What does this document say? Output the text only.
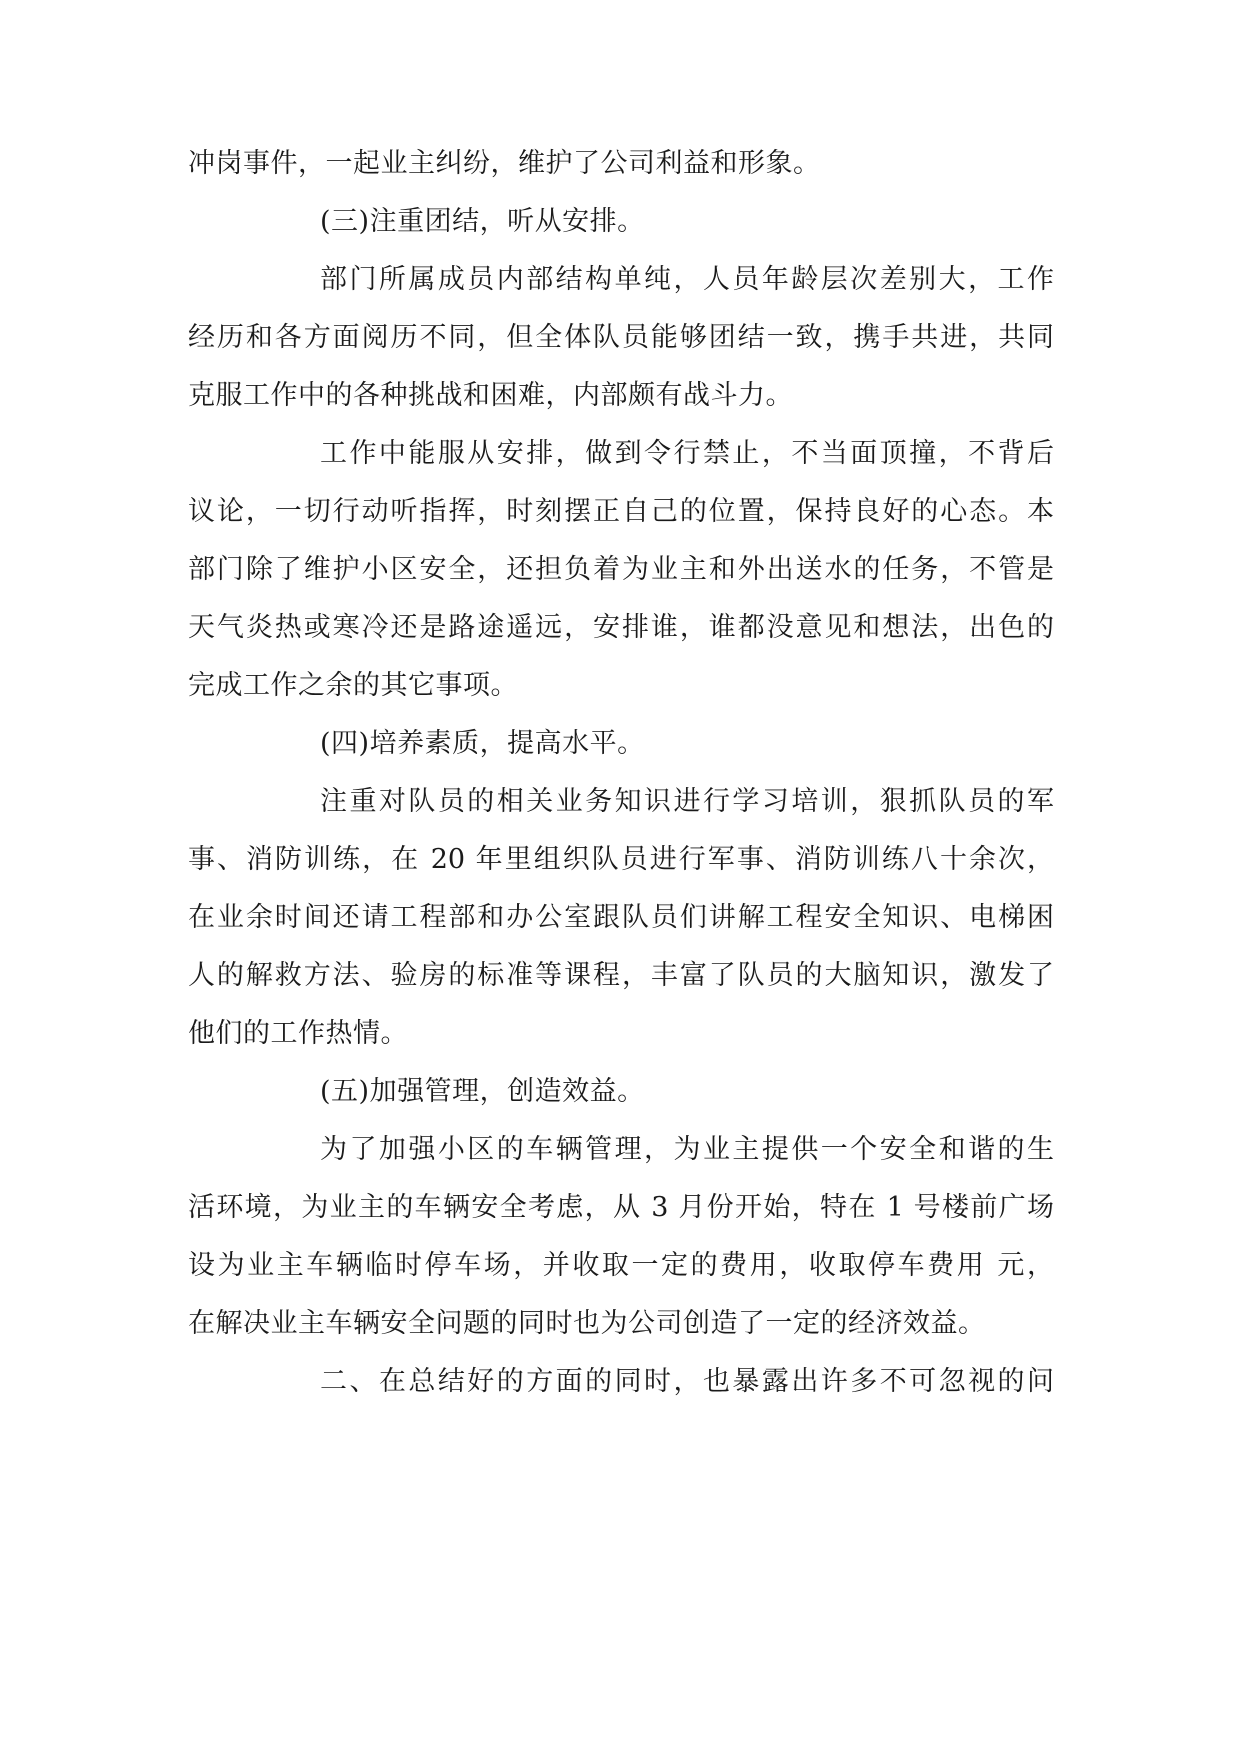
冲岗事件，一起业主纠纷，维护了公司利益和形象。
(三)注重团结，听从安排。
部门所属成员内部结构单纯，人员年龄层次差别大，工作
经历和各方面阅历不同，但全体队员能够团结一致，携手共进，共同
克服工作中的各种挑战和困难，内部颇有战斗力。
工作中能服从安排，做到令行禁止，不当面顶撞，不背后
议论，一切行动听指挥，时刻摆正自己的位置，保持良好的心态。本
部门除了维护小区安全，还担负着为业主和外出送水的任务，不管是
天气炎热或寒冷还是路途遥远，安排谁，谁都没意见和想法，出色的
完成工作之余的其它事项。
(四)培养素质，提高水平。
注重对队员的相关业务知识进行学习培训，狠抓队员的军
事、消防训练，在 20 年里组织队员进行军事、消防训练八十余次，
在业余时间还请工程部和办公室跟队员们讲解工程安全知识、电梯困
人的解救方法、验房的标准等课程，丰富了队员的大脑知识，激发了
他们的工作热情。
(五)加强管理，创造效益。
为了加强小区的车辆管理，为业主提供一个安全和谐的生
活环境，为业主的车辆安全考虑，从 3 月份开始，特在 1 号楼前广场
设为业主车辆临时停车场，并收取一定的费用，收取停车费用 元，
在解决业主车辆安全问题的同时也为公司创造了一定的经济效益。
二、在总结好的方面的同时，也暴露出许多不可忽视的问
